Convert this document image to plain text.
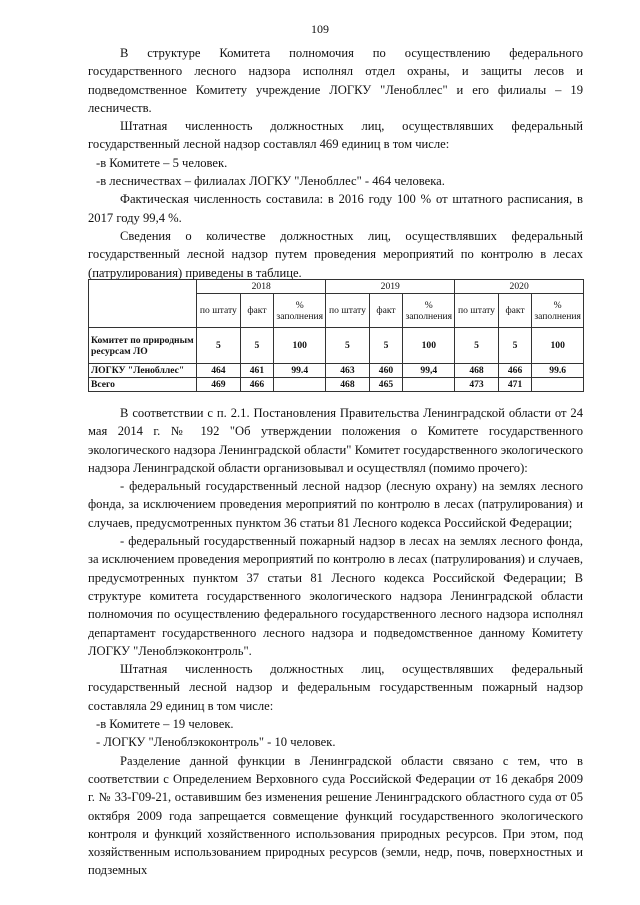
109

В структуре Комитета полномочия по осуществлению федерального государственного лесного надзора исполнял отдел охраны, и защиты лесов и подведомственное Комитету учреждение ЛОГКУ "Ленобллес" и его филиалы – 19 лесничеств.

Штатная численность должностных лиц, осуществлявших федеральный государственный лесной надзор составлял 469 единиц в том числе:

-в Комитете – 5 человек.

-в лесничествах – филиалах ЛОГКУ "Ленобллес" - 464 человека.

Фактическая численность составила: в 2016 году 100 % от штатного расписания, в 2017 году 99,4 %.

Сведения о количестве должностных лиц, осуществлявших федеральный государственный лесной надзор путем проведения мероприятий по контролю в лесах (патрулирования) приведены в таблице.

	2018			2019			2020		
	по штату	факт	% заполнения	по штату	факт	% заполнения	по штату	факт	% заполнения
Комитет по природным ресурсам ЛО	5	5	100	5	5	100	5	5	100
ЛОГКУ "Ленобллес"	464	461	99.4	463	460	99,4	468	466	99.6
Всего	469	466		468	465		473	471	

В соответствии с п. 2.1. Постановления Правительства Ленинградской области от 24 мая 2014 г. № 192 "Об утверждении положения о Комитете государственного экологического надзора Ленинградской области" Комитет государственного экологического надзора Ленинградской области организовывал и осуществлял (помимо прочего):

- федеральный государственный лесной надзор (лесную охрану) на землях лесного фонда, за исключением проведения мероприятий по контролю в лесах (патрулирования) и случаев, предусмотренных пунктом 36 статьи 81 Лесного кодекса Российской Федерации;

- федеральный государственный пожарный надзор в лесах на землях лесного фонда, за исключением проведения мероприятий по контролю в лесах (патрулирования) и случаев, предусмотренных пунктом 37 статьи 81 Лесного кодекса Российской Федерации; В структуре комитета государственного экологического надзора Ленинградской области полномочия по осуществлению федерального государственного лесного надзора исполнял департамент государственного лесного надзора и подведомственное данному Комитету ЛОГКУ "Леноблэкоконтроль".

Штатная численность должностных лиц, осуществлявших федеральный государственный лесной надзор и федеральным государственным пожарный надзор составляла 29 единиц в том числе:

-в Комитете – 19 человек.

- ЛОГКУ "Леноблэкоконтроль" - 10 человек.

Разделение данной функции в Ленинградской области связано с тем, что в соответствии с Определением Верховного суда Российской Федерации от 16 декабря 2009 г. № 33-Г09-21, оставившим без изменения решение Ленинградского областного суда от 05 октября 2009 года запрещается совмещение функций государственного экологического контроля и функций хозяйственного использования природных ресурсов. При этом, под хозяйственным использованием природных ресурсов (земли, недр, почв, поверхностных и подземных
